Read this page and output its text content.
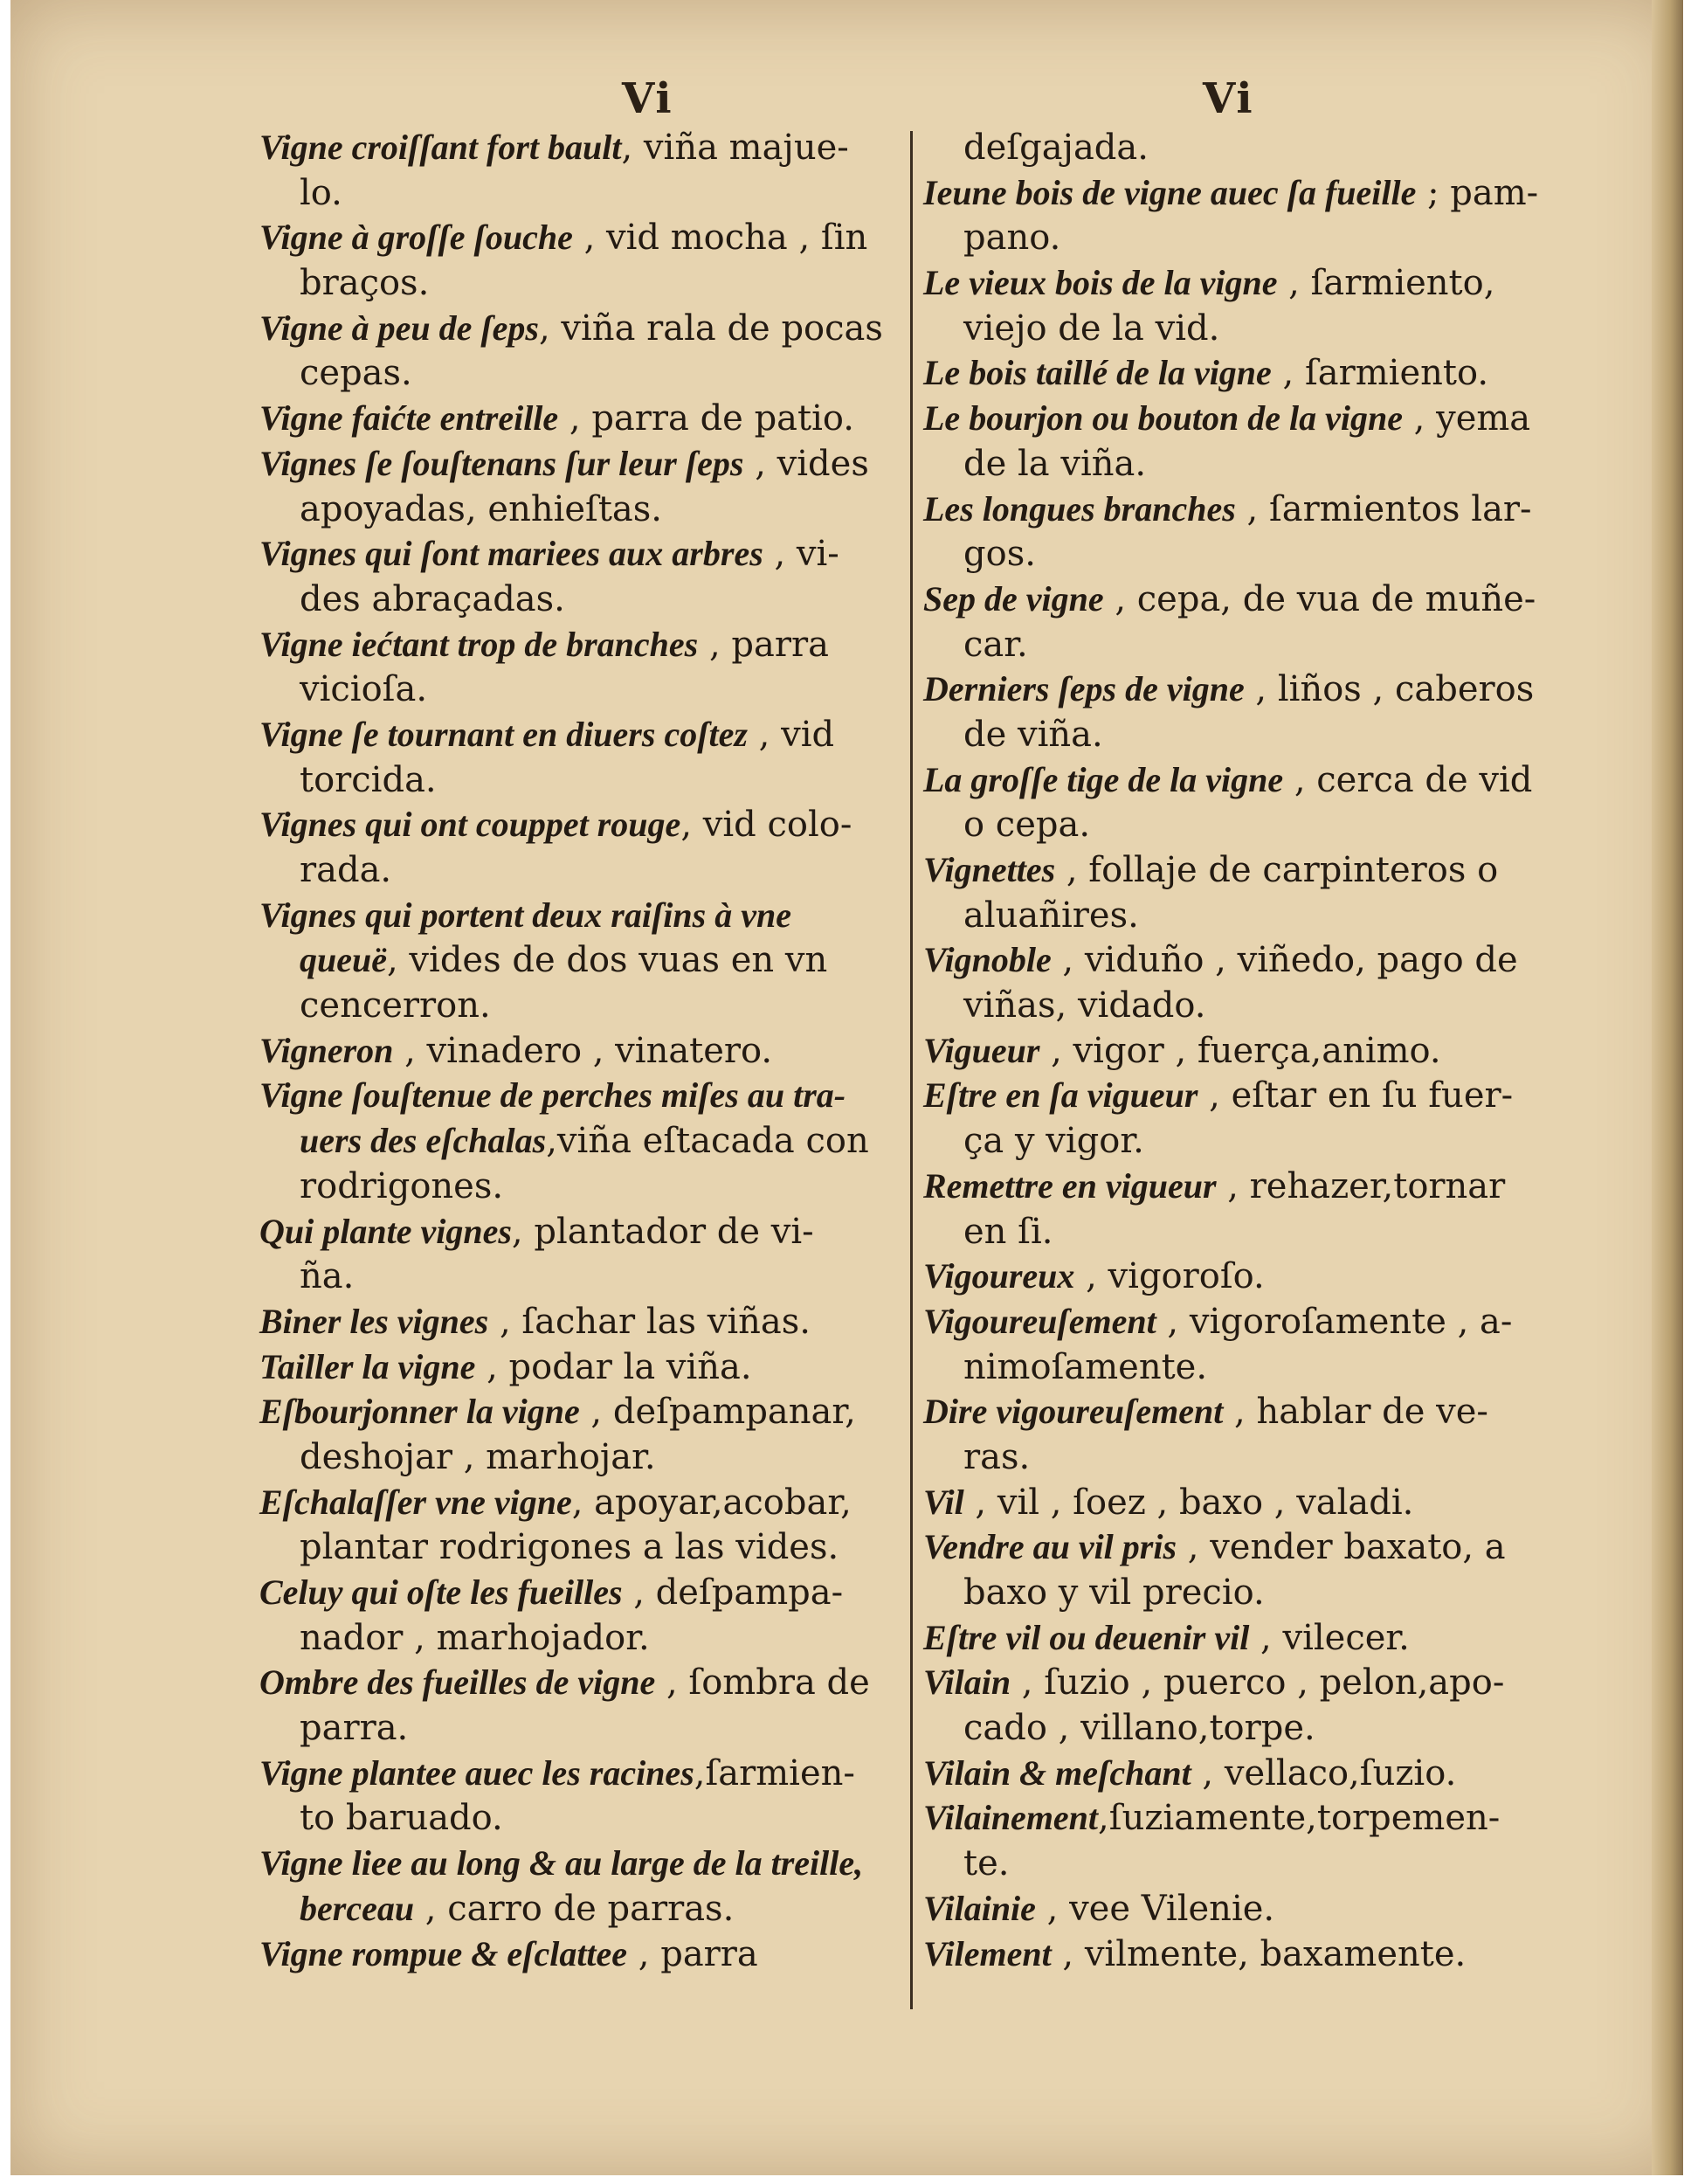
Vi	Vi
Vigne croiſſant fort bault, viña majue-
lo.
Vigne à groſſe ſouche , vid mocha , ſin
braços.
Vigne à peu de ſeps, viña rala de pocas
cepas.
Vigne faićte entreille , parra de patio.
Vignes ſe ſouſtenans ſur leur ſeps , vides
apoyadas, enhieſtas.
Vignes qui ſont mariees aux arbres , vi-
des abraçadas.
Vigne iećtant trop de branches , parra
vicioſa.
Vigne ſe tournant en diuers coſtez , vid
torcida.
Vignes qui ont couppet rouge, vid colo-
rada.
Vignes qui portent deux raiſins à vne
queuë, vides de dos vuas en vn
cencerron.
Vigneron , vinadero , vinatero.
Vigne ſouſtenue de perches miſes au tra-
uers des eſchalas,viña eſtacada con
rodrigones.
Qui plante vignes, plantador de vi-
ña.
Biner les vignes , ſachar las viñas.
Tailler la vigne , podar la viña.
Eſbourjonner la vigne , deſpampanar,
deshojar , marhojar.
Eſchalaſſer vne vigne, apoyar,acobar,
plantar rodrigones a las vides.
Celuy qui oſte les fueilles , deſpampa-
nador , marhojador.
Ombre des fueilles de vigne , ſombra de
parra.
Vigne plantee auec les racines,ſarmien-
to baruado.
Vigne liee au long & au large de la treille,
berceau , carro de parras.
Vigne rompue & eſclattee , parra
deſgajada.
Ieune bois de vigne auec ſa fueille ; pam-
pano.
Le vieux bois de la vigne , ſarmiento,
viejo de la vid.
Le bois taillé de la vigne , ſarmiento.
Le bourjon ou bouton de la vigne , yema
de la viña.
Les longues branches , ſarmientos lar-
gos.
Sep de vigne , cepa, de vua de muñe-
car.
Derniers ſeps de vigne , liños , caberos
de viña.
La groſſe tige de la vigne , cerca de vid
o cepa.
Vignettes , follaje de carpinteros o
aluañires.
Vignoble , viduño , viñedo, pago de
viñas, vidado.
Vigueur , vigor , fuerça,animo.
Eſtre en ſa vigueur , eſtar en ſu fuer-
ça y vigor.
Remettre en vigueur , rehazer,tornar
en ſi.
Vigoureux , vigoroſo.
Vigoureuſement , vigoroſamente , a-
nimoſamente.
Dire vigoureuſement , hablar de ve-
ras.
Vil , vil , ſoez , baxo , valadi.
Vendre au vil pris , vender baxato, a
baxo y vil precio.
Eſtre vil ou deuenir vil , vilecer.
Vilain , ſuzio , puerco , pelon,apo-
cado , villano,torpe.
Vilain & meſchant , vellaco,ſuzio.
Vilainement,ſuziamente,torpemen-
te.
Vilainie , vee Vilenie.
Vilement , vilmente, baxamente.
